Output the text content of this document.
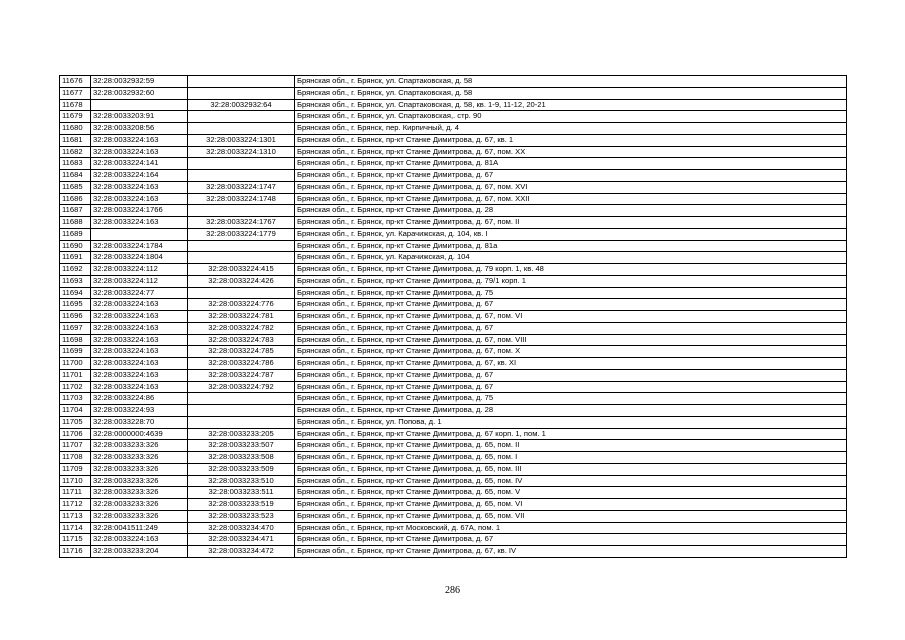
11676	32:28:0032932:59		Брянская обл., г. Брянск, ул. Спартаковская, д. 58
11677	32:28:0032932:60		Брянская обл., г. Брянск, ул. Спартаковская, д. 58
11678		32:28:0032932:64	Брянская обл., г. Брянск, ул. Спартаковская, д. 58, кв. 1-9, 11-12, 20-21
11679	32:28:0033203:91		Брянская обл., г. Брянск, ул. Спартаковская,. стр. 90
11680	32:28:0033208:56		Брянская обл., г. Брянск, пер. Кирпичный, д. 4
11681	32:28:0033224:163	32:28:0033224:1301	Брянская обл., г. Брянск, пр-кт Станке Димитрова, д. 67, кв. 1
11682	32:28:0033224:163	32:28:0033224:1310	Брянская обл., г. Брянск, пр-кт Станке Димитрова, д. 67, пом. XX
11683	32:28:0033224:141		Брянская обл., г. Брянск, пр-кт Станке Димитрова, д. 81А
11684	32:28:0033224:164		Брянская обл., г. Брянск, пр-кт Станке Димитрова, д. 67
11685	32:28:0033224:163	32:28:0033224:1747	Брянская обл., г. Брянск, пр-кт Станке Димитрова, д. 67, пом. XVI
11686	32:28:0033224:163	32:28:0033224:1748	Брянская обл., г. Брянск, пр-кт Станке Димитрова, д. 67, пом. XXII
11687	32:28:0033224:1766		Брянская обл., г. Брянск, пр-кт Станке Димитрова, д. 28
11688	32:28:0033224:163	32:28:0033224:1767	Брянская обл., г. Брянск, пр-кт Станке Димитрова, д. 67, пом. II
11689		32:28:0033224:1779	Брянская обл., г. Брянск, ул. Карачижская, д. 104, кв. I
11690	32:28:0033224:1784		Брянская обл., г. Брянск, пр-кт Станке Димитрова, д. 81а
11691	32:28:0033224:1804		Брянская обл., г. Брянск, ул. Карачижская, д. 104
11692	32:28:0033224:112	32:28:0033224:415	Брянская обл., г. Брянск, пр-кт Станке Димитрова, д. 79 корп. 1, кв. 48
11693	32:28:0033224:112	32:28:0033224:426	Брянская обл., г. Брянск, пр-кт Станке Димитрова, д. 79/1 корп. 1
11694	32:28:0033224:77		Брянская обл., г. Брянск, пр-кт Станке Димитрова, д. 75
11695	32:28:0033224:163	32:28:0033224:776	Брянская обл., г. Брянск, пр-кт Станке Димитрова, д. 67
11696	32:28:0033224:163	32:28:0033224:781	Брянская обл., г. Брянск, пр-кт Станке Димитрова, д. 67, пом. VI
11697	32:28:0033224:163	32:28:0033224:782	Брянская обл., г. Брянск, пр-кт Станке Димитрова, д. 67
11698	32:28:0033224:163	32:28:0033224:783	Брянская обл., г. Брянск, пр-кт Станке Димитрова, д. 67, пом. VIII
11699	32:28:0033224:163	32:28:0033224:785	Брянская обл., г. Брянск, пр-кт Станке Димитрова, д. 67, пом. X
11700	32:28:0033224:163	32:28:0033224:786	Брянская обл., г. Брянск, пр-кт Станке Димитрова, д. 67, кв. XI
11701	32:28:0033224:163	32:28:0033224:787	Брянская обл., г. Брянск, пр-кт Станке Димитрова, д. 67
11702	32:28:0033224:163	32:28:0033224:792	Брянская обл., г. Брянск, пр-кт Станке Димитрова, д. 67
11703	32:28:0033224:86		Брянская обл., г. Брянск, пр-кт Станке Димитрова, д. 75
11704	32:28:0033224:93		Брянская обл., г. Брянск, пр-кт Станке Димитрова, д. 28
11705	32:28:0033228:70		Брянская обл., г. Брянск, ул. Попова, д. 1
11706	32:28:0000000:4639	32:28:0033233:205	Брянская обл., г. Брянск, пр-кт Станке Димитрова, д. 67 корп. 1, пом. 1
11707	32:28:0033233:326	32:28:0033233:507	Брянская обл., г. Брянск, пр-кт Станке Димитрова, д. 65, пом. II
11708	32:28:0033233:326	32:28:0033233:508	Брянская обл., г. Брянск, пр-кт Станке Димитрова, д. 65, пом. I
11709	32:28:0033233:326	32:28:0033233:509	Брянская обл., г. Брянск, пр-кт Станке Димитрова, д. 65, пом. III
11710	32:28:0033233:326	32:28:0033233:510	Брянская обл., г. Брянск, пр-кт Станке Димитрова, д. 65, пом. IV
11711	32:28:0033233:326	32:28:0033233:511	Брянская обл., г. Брянск, пр-кт Станке Димитрова, д. 65, пом. V
11712	32:28:0033233:326	32:28:0033233:519	Брянская обл., г. Брянск, пр-кт Станке Димитрова, д. 65, пом. VI
11713	32:28:0033233:326	32:28:0033233:523	Брянская обл., г. Брянск, пр-кт Станке Димитрова, д. 65, пом. VII
11714	32:28:0041511:249	32:28:0033234:470	Брянская обл., г. Брянск, пр-кт Московский, д. 67А, пом. 1
11715	32:28:0033224:163	32:28:0033234:471	Брянская обл., г. Брянск, пр-кт Станке Димитрова, д. 67
11716	32:28:0033233:204	32:28:0033234:472	Брянская обл., г. Брянск, пр-кт Станке Димитрова, д. 67, кв. IV
286
